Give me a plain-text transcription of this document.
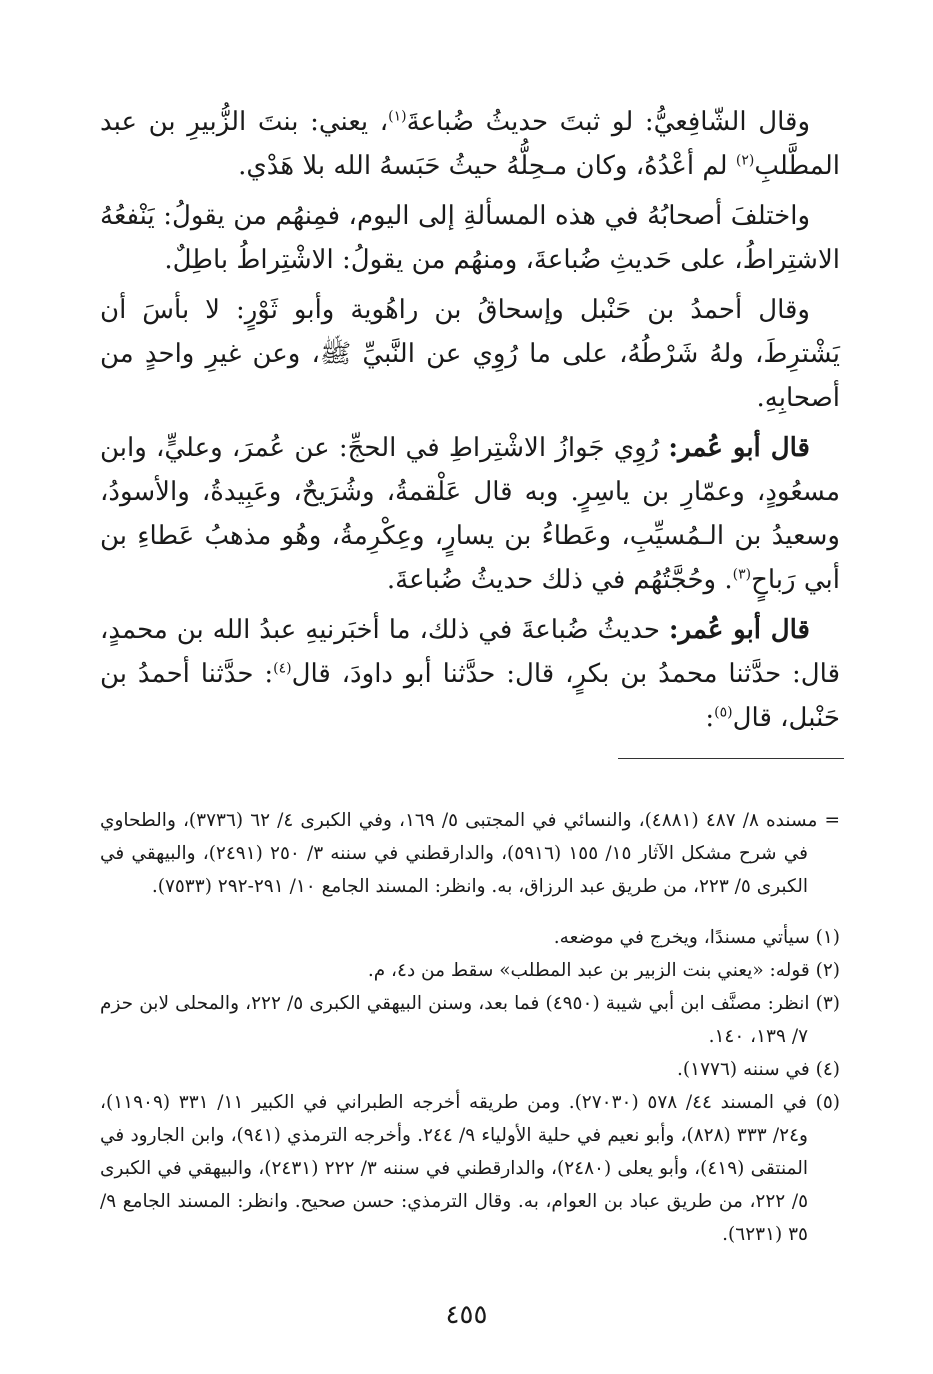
وقال الشّافِعيُّ: لو ثبتَ حديثُ ضُباعةَ$^{(١)}$، يعني: بنتَ الزُّبيرِ بن عبد المطَّلبِ$^{(٢)}$ لم أعْدُهُ، وكان مـحِلُّهُ حيثُ حَبَسهُ الله بلا هَدْي.

واختلفَ أصحابُهُ في هذه المسألةِ إلى اليوم، فمِنهُم من يقولُ: يَنْفعُهُ الاشتِراطُ، على حَديثِ ضُباعةَ، ومنهُم من يقولُ: الاشْتِراطُ باطِلٌ.

وقال أحمدُ بن حَنْبل وإسحاقُ بن راهُوية وأبو ثَوْرٍ: لا بأسَ أن يَشْترِطَ، ولهُ شَرْطُهُ، على ما رُوِي عن النَّبيِّ ﷺ، وعن غيرِ واحدٍ من أصحابِهِ.

قال أبو عُمر: رُوِي جَوازُ الاشْتِراطِ في الحجِّ: عن عُمرَ، وعليٍّ، وابن مسعُودٍ، وعمّارِ بن ياسِرٍ. وبه قال عَلْقمةُ، وشُرَيحٌ، وعَبِيدةُ، والأسودُ، وسعيدُ بن الـمُسيِّبِ، وعَطاءُ بن يسارٍ، وعِكْرِمةُ، وهُو مذهبُ عَطاءِ بن أبي رَباحٍ$^{(٣)}$. وحُجَّتُهُم في ذلك حديثُ ضُباعةَ.

قال أبو عُمر: حديثُ ضُباعةَ في ذلك، ما أخبَرنيهِ عبدُ الله بن محمدٍ، قال: حدَّثنا محمدُ بن بكرٍ، قال: حدَّثنا أبو داودَ، قال$^{(٤)}$: حدَّثنا أحمدُ بن حَنْبل، قال$^{(٥)}$:

= مسنده ٨/ ٤٨٧ (٤٨٨١)، والنسائي في المجتبى ٥/ ١٦٩، وفي الكبرى ٤/ ٦٢ (٣٧٣٦)، والطحاوي في شرح مشكل الآثار ١٥/ ١٥٥ (٥٩١٦)، والدارقطني في سننه ٣/ ٢٥٠ (٢٤٩١)، والبيهقي في الكبرى ٥/ ٢٢٣، من طريق عبد الرزاق، به. وانظر: المسند الجامع ١٠/ ٢٩١-٢٩٢ (٧٥٣٣).

(١) سيأتي مسندًا، ويخرج في موضعه.

(٢) قوله: «يعني بنت الزبير بن عبد المطلب» سقط من د٤، م.

(٣) انظر: مصنَّف ابن أبي شيبة (٤٩٥٠) فما بعد، وسنن البيهقي الكبرى ٥/ ٢٢٢، والمحلى لابن حزم ٧/ ١٣٩، ١٤٠.

(٤) في سننه (١٧٧٦).

(٥) في المسند ٤٤/ ٥٧٨ (٢٧٠٣٠). ومن طريقه أخرجه الطبراني في الكبير ١١/ ٣٣١ (١١٩٠٩)، و٢٤/ ٣٣٣ (٨٢٨)، وأبو نعيم في حلية الأولياء ٩/ ٢٤٤. وأخرجه الترمذي (٩٤١)، وابن الجارود في المنتقى (٤١٩)، وأبو يعلى (٢٤٨٠)، والدارقطني في سننه ٣/ ٢٢٢ (٢٤٣١)، والبيهقي في الكبرى ٥/ ٢٢٢، من طريق عباد بن العوام، به. وقال الترمذي: حسن صحيح. وانظر: المسند الجامع ٩/ ٣٥ (٦٢٣١).

٤٥٥
